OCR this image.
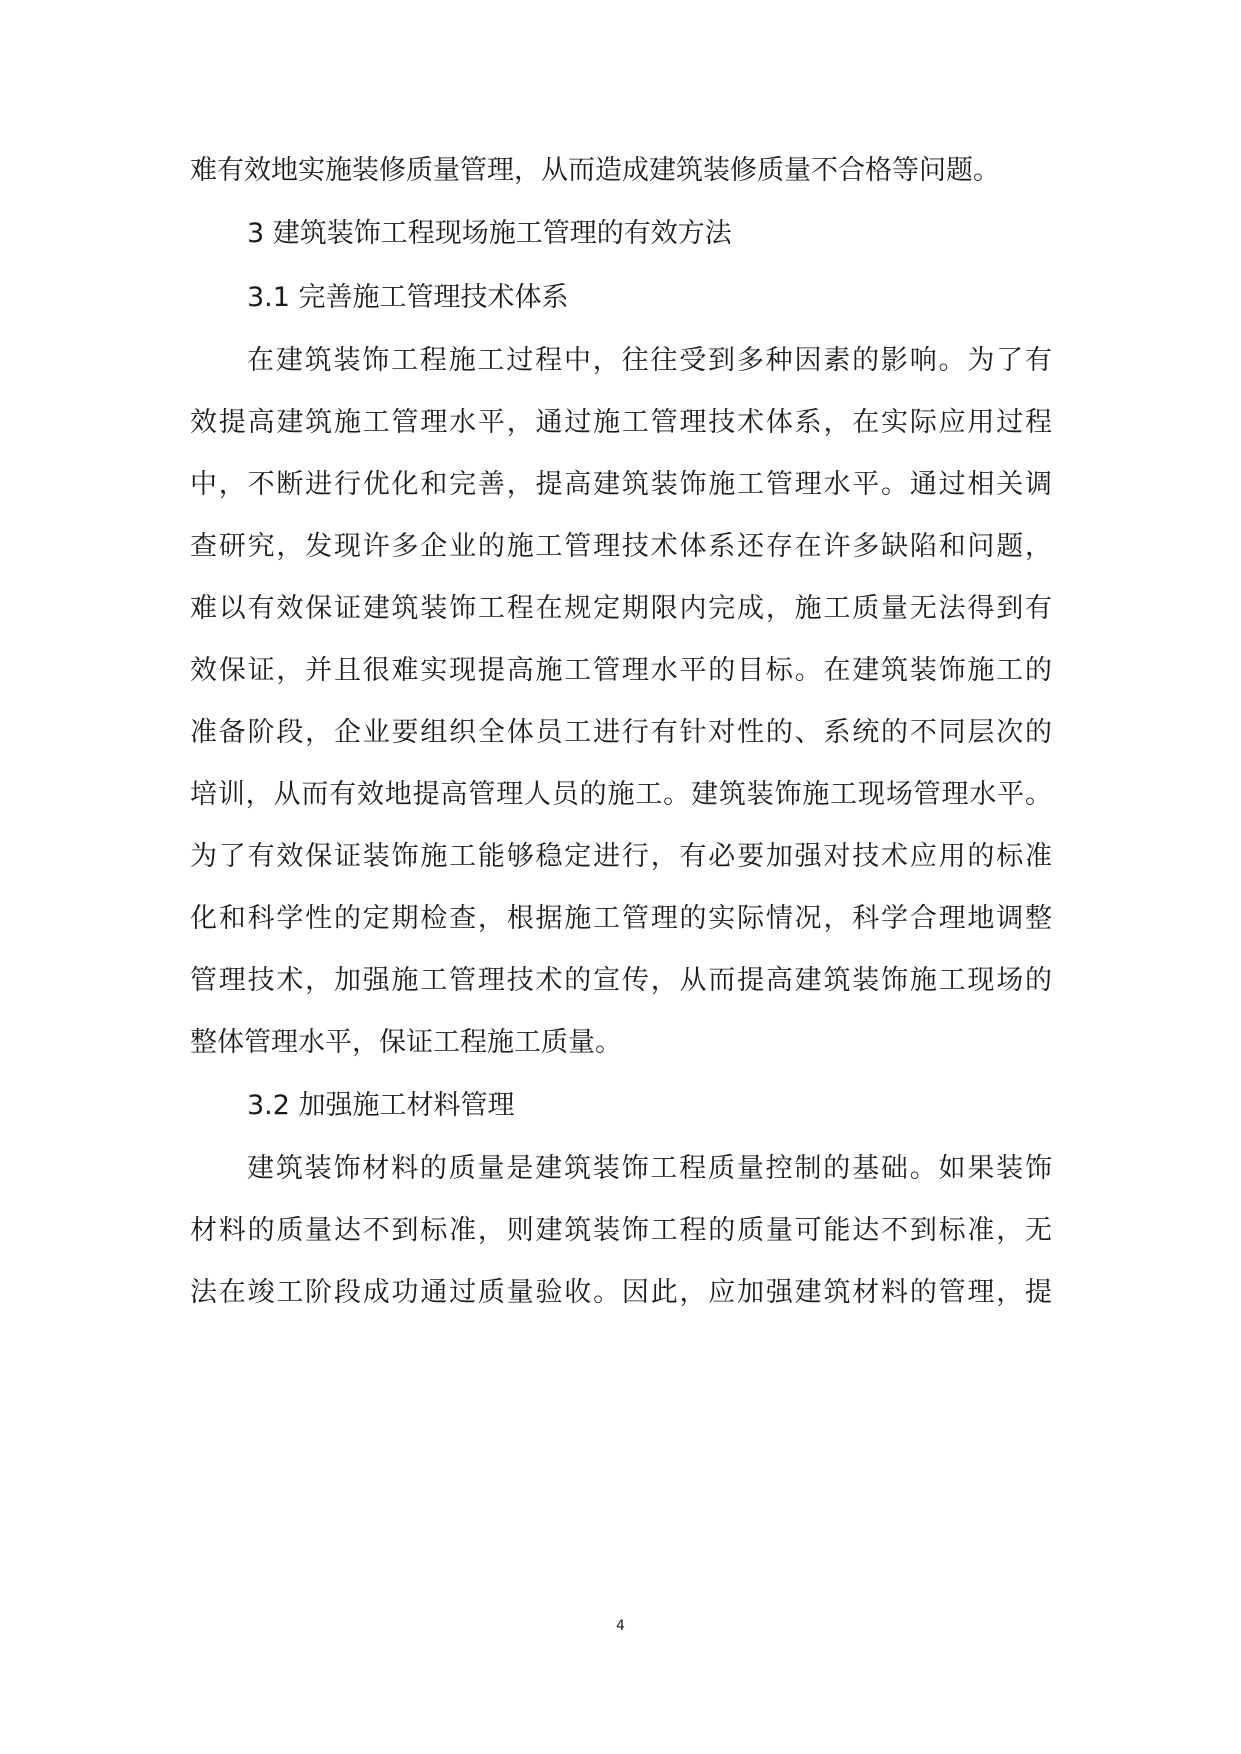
难有效地实施装修质量管理，从而造成建筑装修质量不合格等问题。
3 建筑装饰工程现场施工管理的有效方法
3.1 完善施工管理技术体系
在建筑装饰工程施工过程中，往往受到多种因素的影响。为了有
效提高建筑施工管理水平，通过施工管理技术体系，在实际应用过程
中，不断进行优化和完善，提高建筑装饰施工管理水平。通过相关调
查研究，发现许多企业的施工管理技术体系还存在许多缺陷和问题，
难以有效保证建筑装饰工程在规定期限内完成，施工质量无法得到有
效保证，并且很难实现提高施工管理水平的目标。在建筑装饰施工的
准备阶段，企业要组织全体员工进行有针对性的、系统的不同层次的
培训，从而有效地提高管理人员的施工。建筑装饰施工现场管理水平。
为了有效保证装饰施工能够稳定进行，有必要加强对技术应用的标准
化和科学性的定期检查，根据施工管理的实际情况，科学合理地调整
管理技术，加强施工管理技术的宣传，从而提高建筑装饰施工现场的
整体管理水平，保证工程施工质量。
3.2 加强施工材料管理
建筑装饰材料的质量是建筑装饰工程质量控制的基础。如果装饰
材料的质量达不到标准，则建筑装饰工程的质量可能达不到标准，无
法在竣工阶段成功通过质量验收。因此，应加强建筑材料的管理，提
4
